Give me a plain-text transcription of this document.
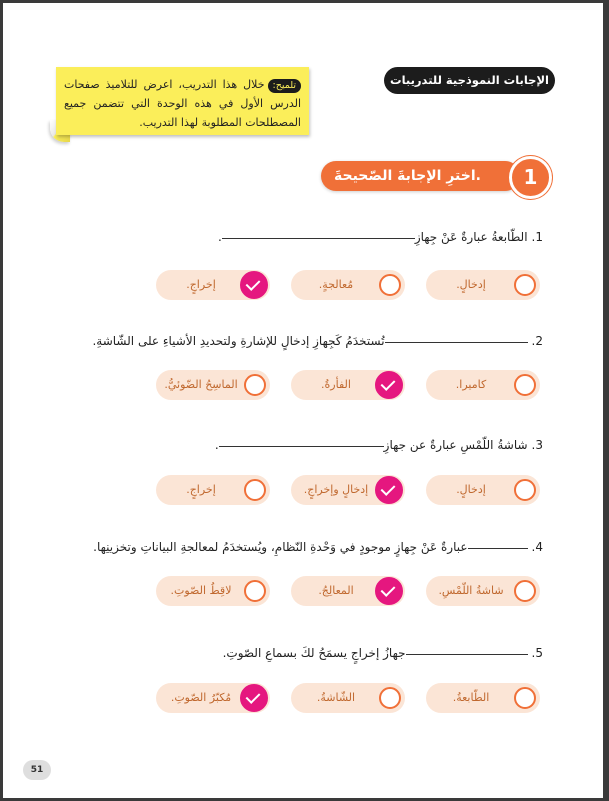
الإجابات النموذجية للتدريبات
تلميح:خلال هذا التدريب، اعرض للتلاميذ صفحات الدرس الأول في هذه الوحدة التي تتضمن جميع المصطلحات المطلوبة لهذا التدريب.
اخترِ الإجابةَ الصّحيحةَ.	1
1.الطّابعةُ عبارةٌ عَنْ جِهازِ.
إدخالٍ.
مُعالجةٍ.
إخراجٍ.
2.تُستخدَمُ كَجِهازِ إدخالٍ للإشارةِ ولتحديدِ الأشياءِ على الشّاشةِ.
كاميرا.
الفأرةُ.
الماسِحُ الضّوئيُّ.
3.شاشةُ اللّمْسِ عبارةٌ عن جهازِ.
إدخالٍ.
إدخالٍ وإخراجٍ.
إخراجٍ.
4.عبارةٌ عَنْ جِهازٍ موجودٍ في وَحْدةِ النّظامِ، ويُستخدَمُ لمعالجةِ البياناتِ وتخزينِها.
شاشةُ اللّمْسِ.
المعالِجُ.
لاقِطُ الصّوتِ.
5.جهازُ إخراجٍ يسمَحُ لكَ بسماعِ الصّوتِ.
الطّابعةُ.
الشّاشةُ.
مُكبّرُ الصّوتِ.
51
